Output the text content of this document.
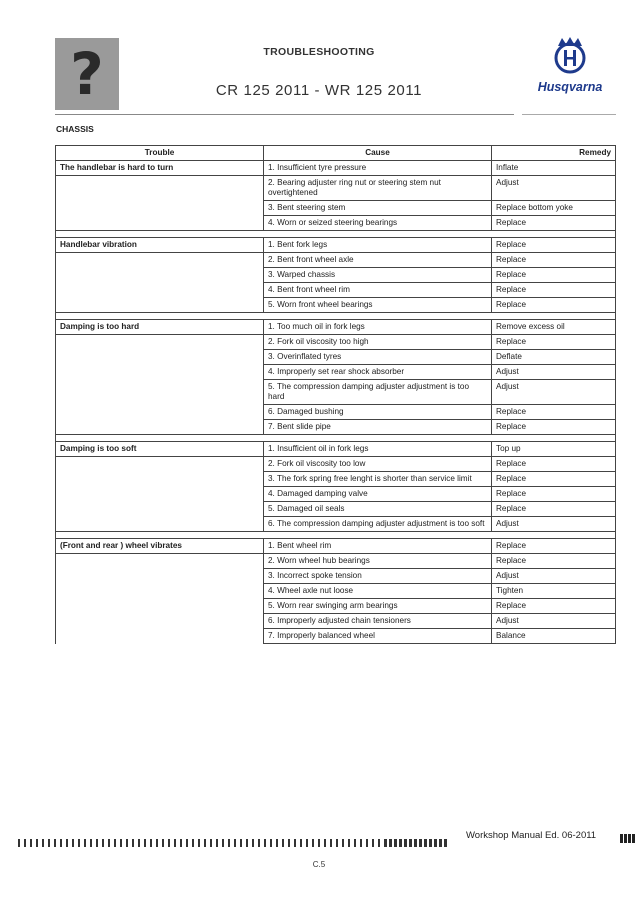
?	TROUBLESHOOTING
CR 125 2011 - WR 125 2011	Husqvarna
CHASSIS
Trouble	Cause	Remedy
The handlebar is hard to turn	1. Insufficient tyre pressure	Inflate
	2. Bearing adjuster ring nut or steering stem nut overtightened	Adjust
	3. Bent steering stem	Replace bottom yoke
	4. Worn or seized steering bearings	Replace

Handlebar vibration	1. Bent fork legs	Replace
	2. Bent front wheel axle	Replace
	3. Warped chassis	Replace
	4. Bent front wheel rim	Replace
	5. Worn front wheel bearings	Replace

Damping is too hard	1. Too much oil in fork legs	Remove excess oil
	2. Fork oil viscosity too high	Replace
	3. Overinflated tyres	Deflate
	4. Improperly set rear shock absorber	Adjust
	5. The compression damping adjuster adjustment is too hard	Adjust
	6. Damaged bushing	Replace
	7. Bent slide pipe	Replace

Damping is too soft	1. Insufficient oil in fork legs	Top up
	2. Fork oil viscosity too low	Replace
	3. The fork spring free lenght is shorter than service limit	Replace
	4. Damaged damping valve	Replace
	5. Damaged oil seals	Replace
	6. The compression damping adjuster adjustment is too soft	Adjust

(Front and rear ) wheel vibrates	1. Bent wheel rim	Replace
	2. Worn wheel hub bearings	Replace
	3. Incorrect spoke tension	Adjust
	4. Wheel axle nut loose	Tighten
	5. Worn rear swinging arm bearings	Replace
	6. Improperly adjusted chain tensioners	Adjust
	7. Improperly balanced wheel	Balance
Workshop Manual Ed. 06-2011
C.5
